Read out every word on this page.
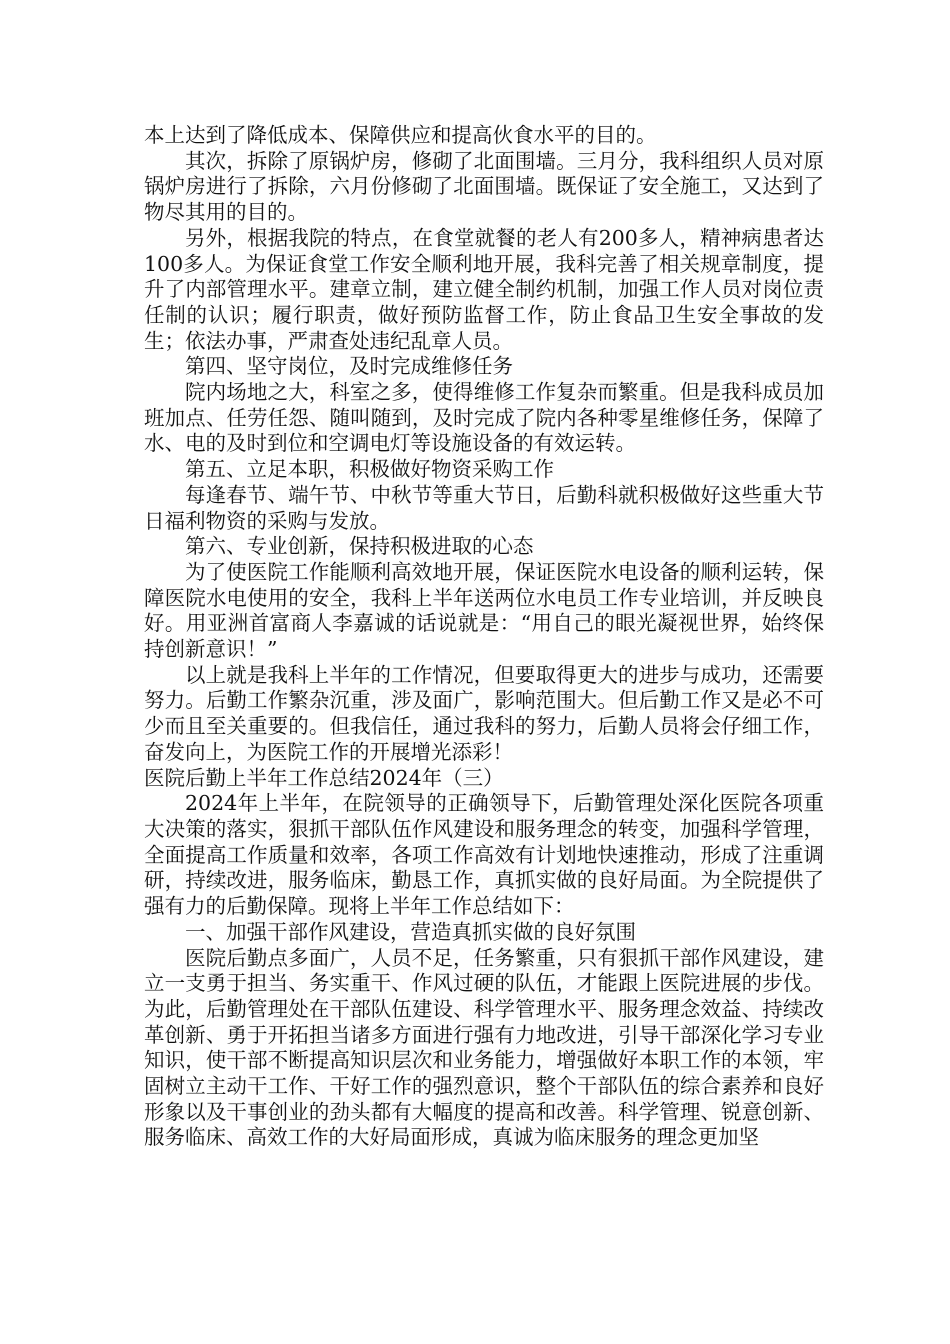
本上达到了降低成本、保障供应和提高伙食水平的目的。

其次，拆除了原锅炉房，修砌了北面围墙。三月分，我科组织人员对原锅炉房进行了拆除，六月份修砌了北面围墙。既保证了安全施工，又达到了物尽其用的目的。

另外，根据我院的特点，在食堂就餐的老人有200多人，精神病患者达100多人。为保证食堂工作安全顺利地开展，我科完善了相关规章制度，提升了内部管理水平。建章立制，建立健全制约机制，加强工作人员对岗位责任制的认识；履行职责，做好预防监督工作，防止食品卫生安全事故的发生；依法办事，严肃查处违纪乱章人员。

第四、坚守岗位，及时完成维修任务

院内场地之大，科室之多，使得维修工作复杂而繁重。但是我科成员加班加点、任劳任怨、随叫随到，及时完成了院内各种零星维修任务，保障了水、电的及时到位和空调电灯等设施设备的有效运转。

第五、立足本职，积极做好物资采购工作

每逢春节、端午节、中秋节等重大节日，后勤科就积极做好这些重大节日福利物资的采购与发放。

第六、专业创新，保持积极进取的心态

为了使医院工作能顺利高效地开展，保证医院水电设备的顺利运转，保障医院水电使用的安全，我科上半年送两位水电员工作专业培训，并反映良好。用亚洲首富商人李嘉诚的话说就是：“用自己的眼光凝视世界，始终保持创新意识！”

以上就是我科上半年的工作情况，但要取得更大的进步与成功，还需要努力。后勤工作繁杂沉重，涉及面广，影响范围大。但后勤工作又是必不可少而且至关重要的。但我信任，通过我科的努力，后勤人员将会仔细工作，奋发向上，为医院工作的开展增光添彩！

医院后勤上半年工作总结2024年（三）

2024年上半年，在院领导的正确领导下，后勤管理处深化医院各项重大决策的落实，狠抓干部队伍作风建设和服务理念的转变，加强科学管理，全面提高工作质量和效率，各项工作高效有计划地快速推动，形成了注重调研，持续改进，服务临床，勤恳工作，真抓实做的良好局面。为全院提供了强有力的后勤保障。现将上半年工作总结如下：

一、加强干部作风建设，营造真抓实做的良好氛围

医院后勤点多面广，人员不足，任务繁重，只有狠抓干部作风建设，建立一支勇于担当、务实重干、作风过硬的队伍，才能跟上医院进展的步伐。为此，后勤管理处在干部队伍建设、科学管理水平、服务理念效益、持续改革创新、勇于开拓担当诸多方面进行强有力地改进，引导干部深化学习专业知识，使干部不断提高知识层次和业务能力，增强做好本职工作的本领，牢固树立主动干工作、干好工作的强烈意识，整个干部队伍的综合素养和良好形象以及干事创业的劲头都有大幅度的提高和改善。科学管理、锐意创新、服务临床、高效工作的大好局面形成，真诚为临床服务的理念更加坚
